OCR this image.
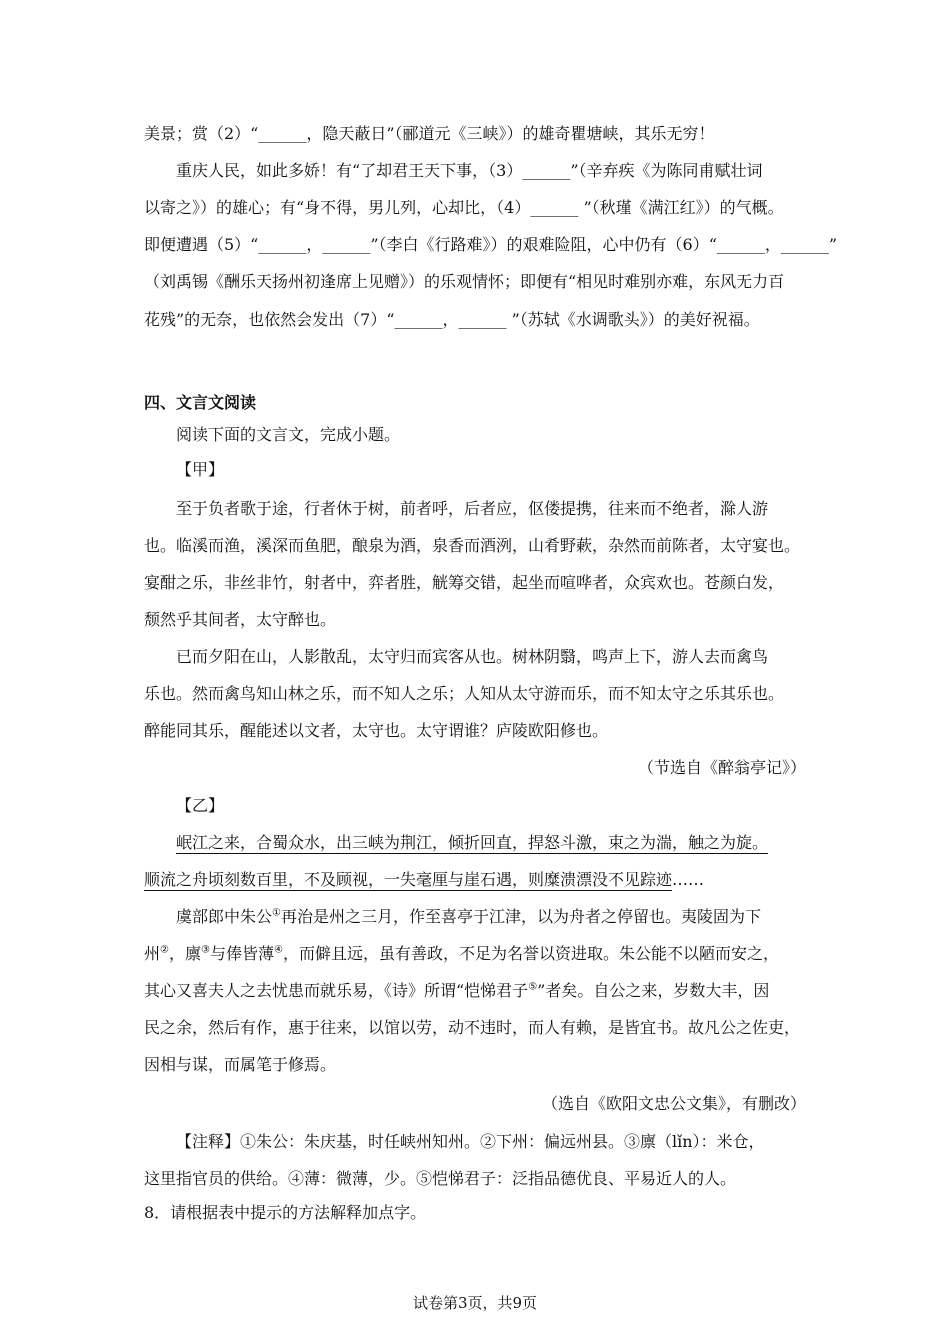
美景；赏（2）“______，隐天蔽日”（郦道元《三峡》）的雄奇瞿塘峡，其乐无穷！
重庆人民，如此多娇！有“了却君王天下事，（3）______”（辛弃疾《为陈同甫赋壮词
以寄之》）的雄心；有“身不得，男儿列，心却比，（4）______ ”（秋瑾《满江红》）的气概。
即便遭遇（5）“______，______”（李白《行路难》）的艰难险阻，心中仍有（6）“______，______”
（刘禹锡《酬乐天扬州初逢席上见赠》）的乐观情怀；即便有“相见时难别亦难，东风无力百
花残”的无奈，也依然会发出（7）“______，______ ”（苏轼《水调歌头》）的美好祝福。
四、文言文阅读
阅读下面的文言文，完成小题。
【甲】
至于负者歌于途，行者休于树，前者呼，后者应，伛偻提携，往来而不绝者，滁人游
也。临溪而渔，溪深而鱼肥，酿泉为酒，泉香而酒洌，山肴野蔌，杂然而前陈者，太守宴也。
宴酣之乐，非丝非竹，射者中，弈者胜，觥筹交错，起坐而喧哗者，众宾欢也。苍颜白发，
颓然乎其间者，太守醉也。
已而夕阳在山，人影散乱，太守归而宾客从也。树林阴翳，鸣声上下，游人去而禽鸟
乐也。然而禽鸟知山林之乐，而不知人之乐；人知从太守游而乐，而不知太守之乐其乐也。
醉能同其乐，醒能述以文者，太守也。太守谓谁？庐陵欧阳修也。
（节选自《醉翁亭记》）
【乙】
岷江之来，合蜀众水，出三峡为荆江，倾折回直，捍怒斗激，束之为湍，触之为旋。
顺流之舟顷刻数百里，不及顾视，一失毫厘与崖石遇，则糜溃漂没不见踪迹……
虞部郎中朱公①再治是州之三月，作至喜亭于江津，以为舟者之停留也。夷陵固为下
州②，廪③与俸皆薄④，而僻且远，虽有善政，不足为名誉以资进取。朱公能不以陋而安之，
其心又喜夫人之去忧患而就乐易，《诗》所谓“恺悌君子⑤”者矣。自公之来，岁数大丰，因
民之余，然后有作，惠于往来，以馆以劳，动不违时，而人有赖，是皆宜书。故凡公之佐吏，
因相与谋，而属笔于修焉。
（选自《欧阳文忠公文集》，有删改）
【注释】①朱公：朱庆基，时任峡州知州。②下州：偏远州县。③廪（lǐn）：米仓，
这里指官员的供给。④薄：微薄，少。⑤恺悌君子：泛指品德优良、平易近人的人。
8．请根据表中提示的方法解释加点字。
试卷第3页，共9页
